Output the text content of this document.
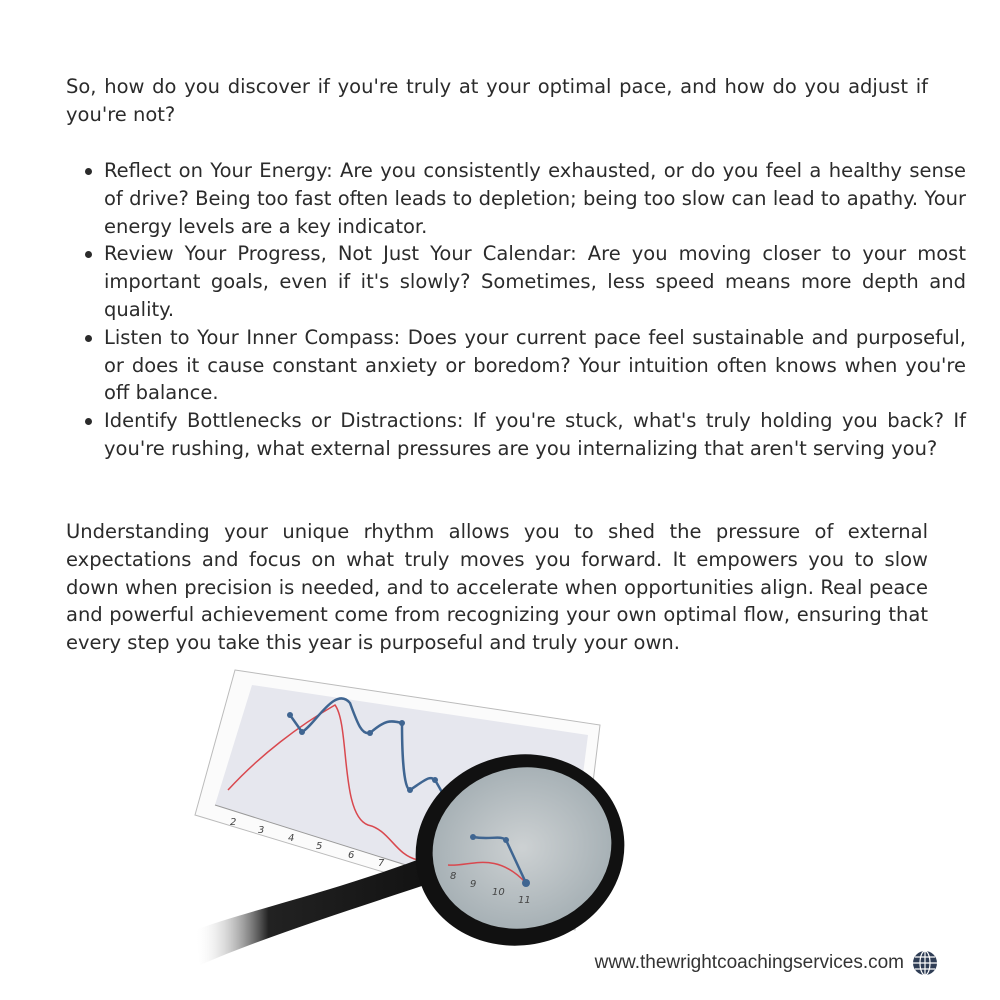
So, how do you discover if you're truly at your optimal pace, and how do you adjust if you're not?

Reflect on Your Energy: Are you consistently exhausted, or do you feel a healthy sense of drive? Being too fast often leads to depletion; being too slow can lead to apathy. Your energy levels are a key indicator.
Review Your Progress, Not Just Your Calendar: Are you moving closer to your most important goals, even if it's slowly? Sometimes, less speed means more depth and quality.
Listen to Your Inner Compass: Does your current pace feel sustainable and purposeful, or does it cause constant anxiety or boredom? Your intuition often knows when you're off balance.
Identify Bottlenecks or Distractions: If you're stuck, what's truly holding you back? If you're rushing, what external pressures are you internalizing that aren't serving you?

Understanding your unique rhythm allows you to shed the pressure of external expectations and focus on what truly moves you forward. It empowers you to slow down when precision is needed, and to accelerate when opportunities align. Real peace and powerful achievement come from recognizing your own optimal flow, ensuring that every step you take this year is purposeful and truly your own.

2
3
4
5
6
7
8
9
10
11
www.thewrightcoachingservices.com
